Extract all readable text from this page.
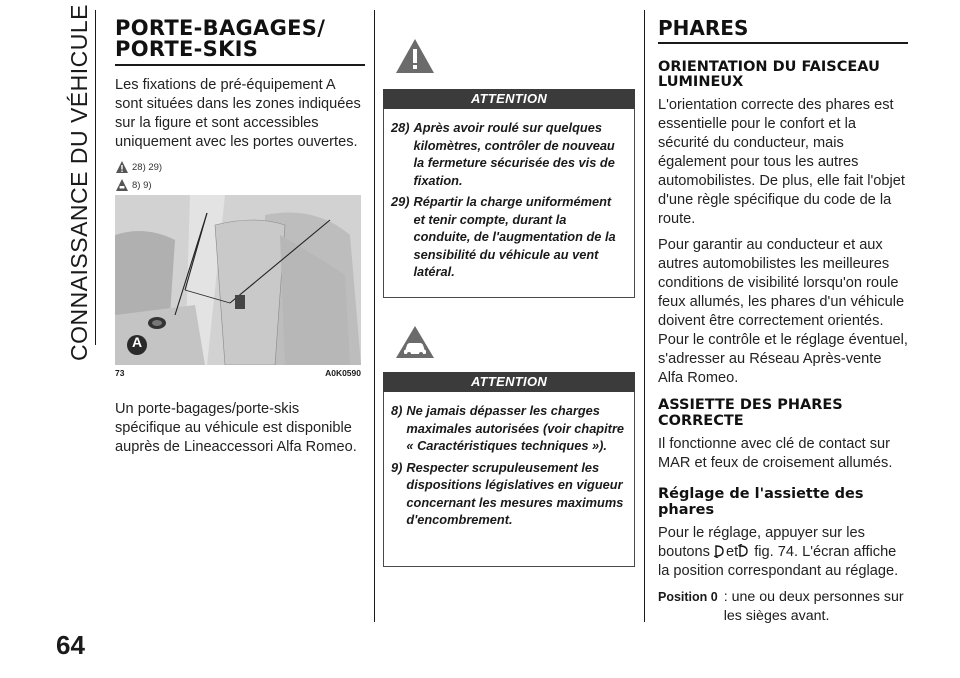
CONNAISSANCE DU VÉHICULE
64
PORTE-BAGAGES/
PORTE-SKIS
Les fixations de pré-équipement A sont situées dans les zones indiquées sur la figure et sont accessibles uniquement avec les portes ouvertes.
28) 29)
8) 9)
A
73	A0K0590
Un porte-bagages/porte-skis spécifique au véhicule est disponible auprès de Lineaccessori Alfa Romeo.
ATTENTION
28) Après avoir roulé sur quelques kilomètres, contrôler de nouveau la fermeture sécurisée des vis de fixation.
29) Répartir la charge uniformément et tenir compte, durant la conduite, de l'augmentation de la sensibilité du véhicule au vent latéral.
ATTENTION
8) Ne jamais dépasser les charges maximales autorisées (voir chapitre « Caractéristiques techniques »).
9) Respecter scrupuleusement les dispositions législatives en vigueur concernant les mesures maximums d'encombrement.
PHARES
ORIENTATION DU FAISCEAU LUMINEUX

L'orientation correcte des phares est essentielle pour le confort et la sécurité du conducteur, mais également pour tous les autres automobilistes. De plus, elle fait l'objet d'une règle spécifique du code de la route.

Pour garantir au conducteur et aux autres automobilistes les meilleures conditions de visibilité lorsqu'on roule feux allumés, les phares d'un véhicule doivent être correctement orientés. Pour le contrôle et le réglage éventuel, s'adresser au Réseau Après-vente Alfa Romeo.

ASSIETTE DES PHARES CORRECTE

Il fonctionne avec clé de contact sur MAR et feux de croisement allumés.

Réglage de l'assiette des phares

Pour le réglage, appuyer sur les boutons et fig. 74. L'écran affiche la position correspondant au réglage.

Position 0 : une ou deux personnes sur les sièges avant.
